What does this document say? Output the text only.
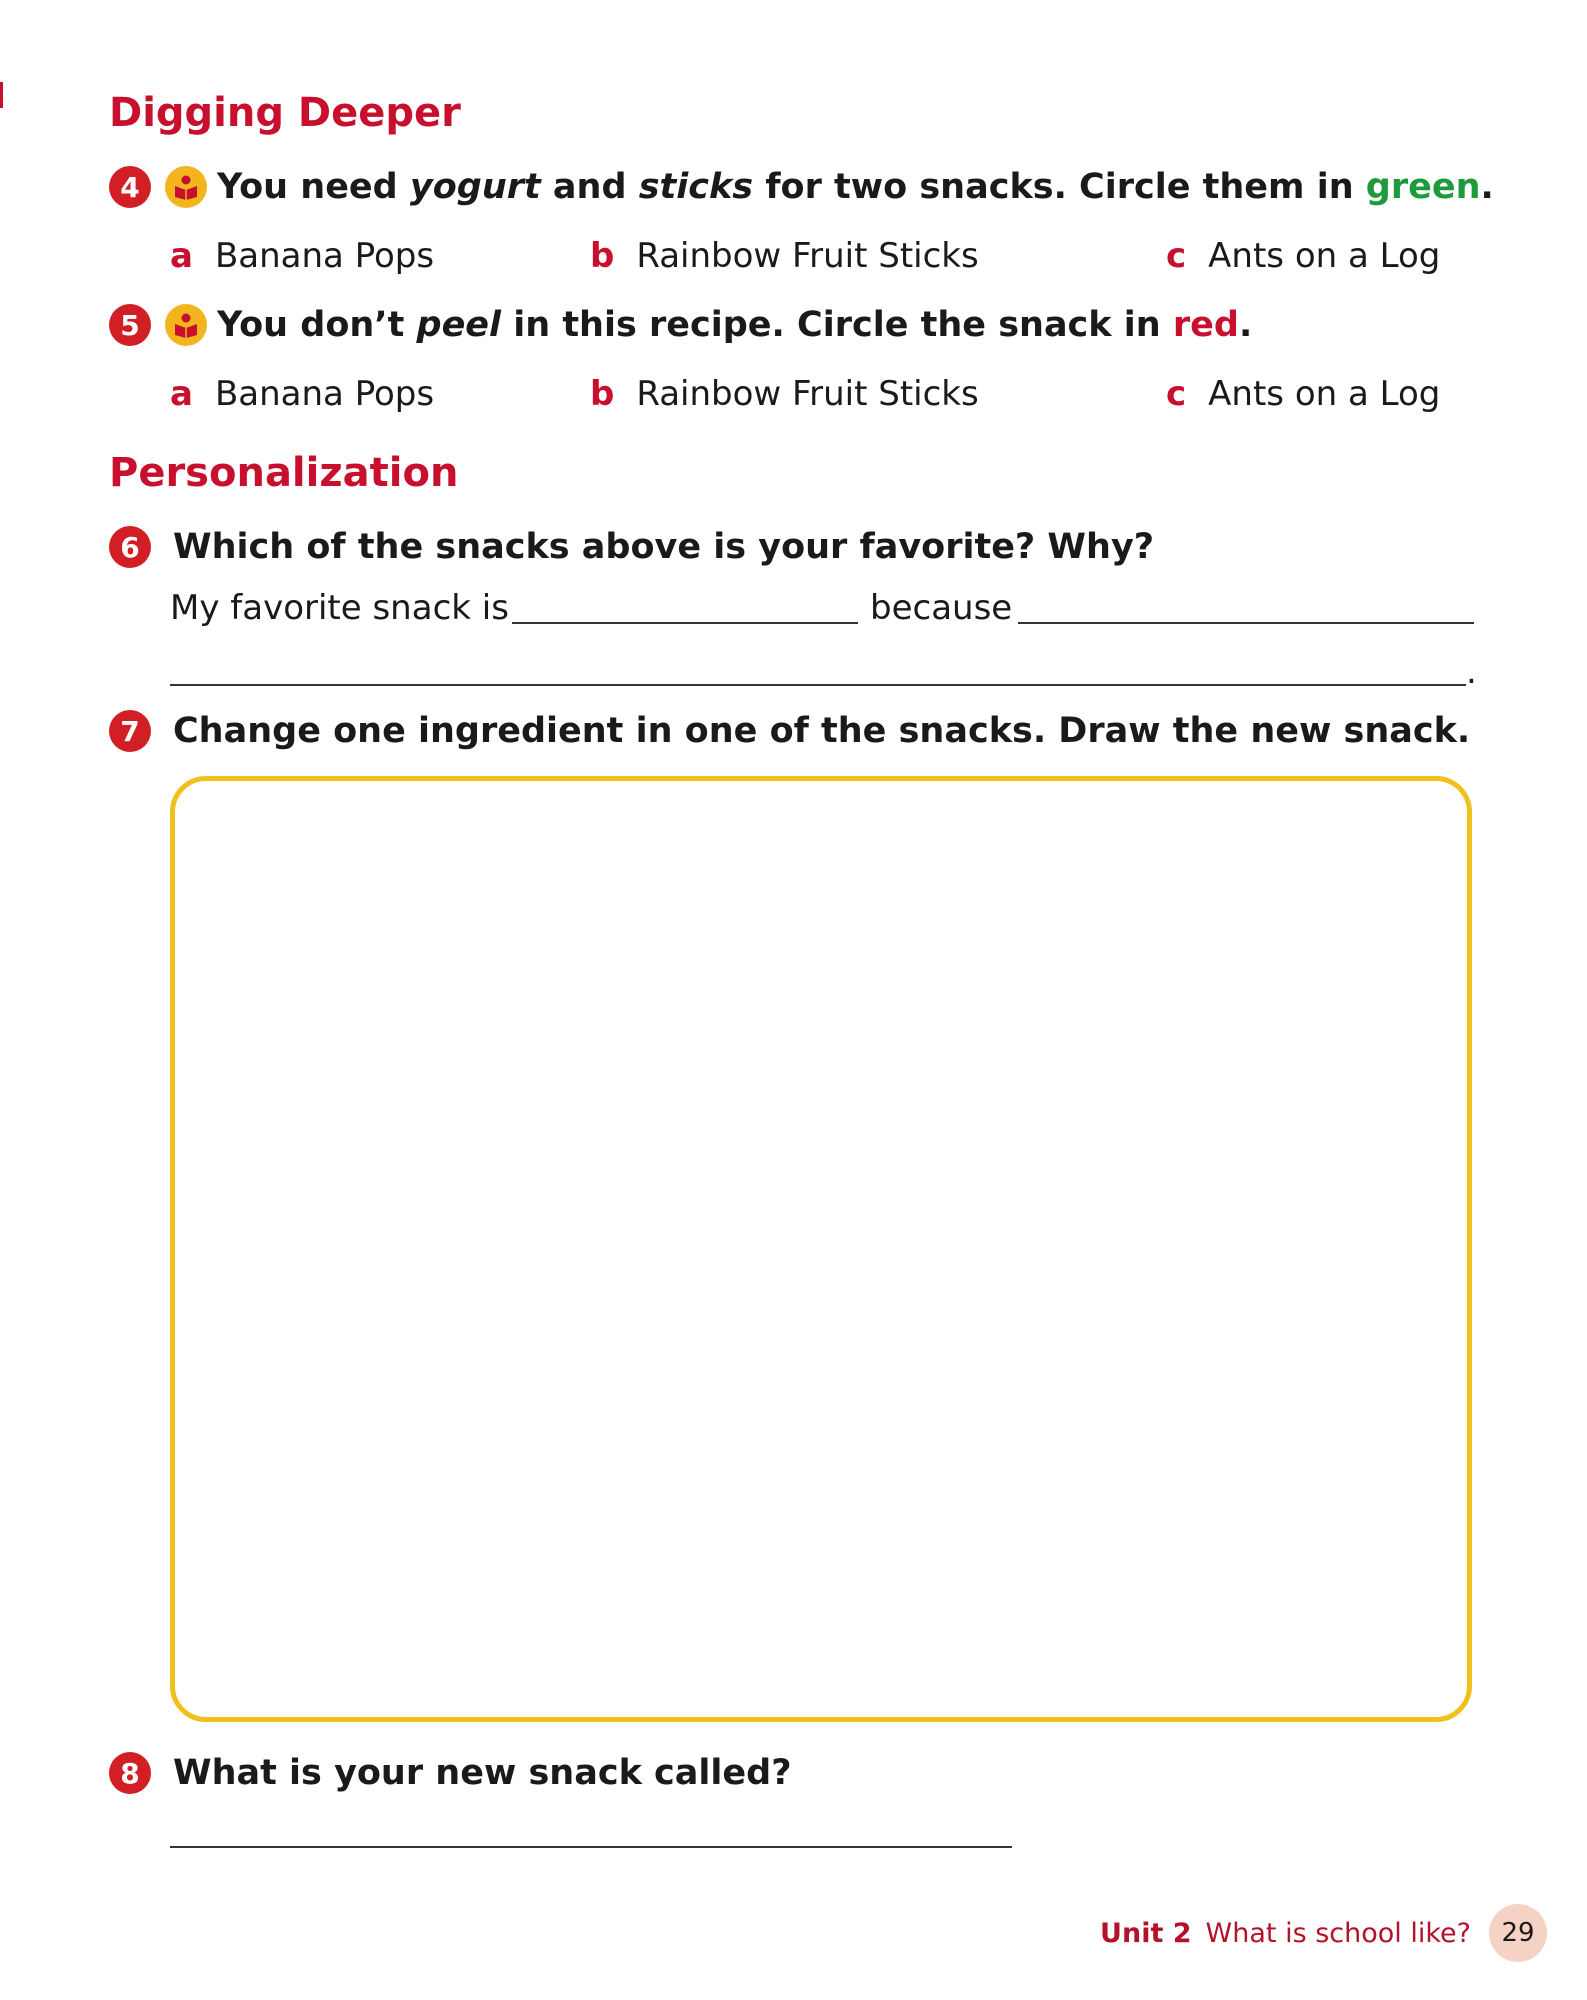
Digging Deeper
4	You need yogurt and sticks for two snacks. Circle them in green.
a Banana Pops	b Rainbow Fruit Sticks	c Ants on a Log
5	You don’t peel in this recipe. Circle the snack in red.
a Banana Pops	b Rainbow Fruit Sticks	c Ants on a Log
Personalization
6 Which of the snacks above is your favorite? Why?
My favorite snack is	because
.
7 Change one ingredient in one of the snacks. Draw the new snack.
8 What is your new snack called?
Unit 2 What is school like? 29
